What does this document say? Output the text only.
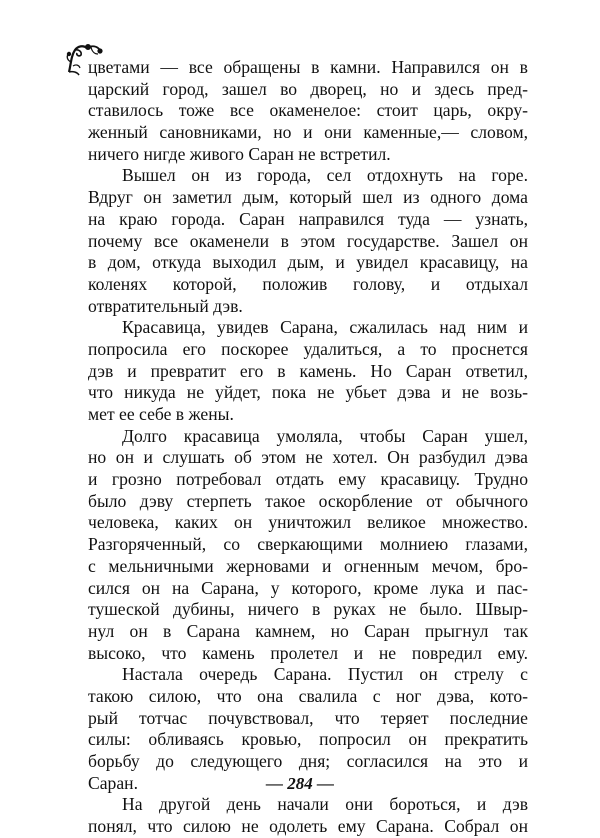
цветами — все обращены в камни. Направился он в
царский город, зашел во дворец, но и здесь пред-
ставилось тоже все окаменелое: стоит царь, окру-
женный сановниками, но и они каменные,— словом,
ничего нигде живого Саран не встретил.
Вышел он из города, сел отдохнуть на горе.
Вдруг он заметил дым, который шел из одного дома
на краю города. Саран направился туда — узнать,
почему все окаменели в этом государстве. Зашел он
в дом, откуда выходил дым, и увидел красавицу, на
коленях которой, положив голову, и отдыхал
отвратительный дэв.
Красавица, увидев Сарана, сжалилась над ним и
попросила его поскорее удалиться, а то проснется
дэв и превратит его в камень. Но Саран ответил,
что никуда не уйдет, пока не убьет дэва и не возь-
мет ее себе в жены.
Долго красавица умоляла, чтобы Саран ушел,
но он и слушать об этом не хотел. Он разбудил дэва
и грозно потребовал отдать ему красавицу. Трудно
было дэву стерпеть такое оскорбление от обычного
человека, каких он уничтожил великое множество.
Разгоряченный, со сверкающими молниею глазами,
с мельничными жерновами и огненным мечом, бро-
сился он на Сарана, у которого, кроме лука и пас-
тушеской дубины, ничего в руках не было. Швыр-
нул он в Сарана камнем, но Саран прыгнул так
высоко, что камень пролетел и не повредил ему.
Настала очередь Сарана. Пустил он стрелу с
такою силою, что она свалила с ног дэва, кото-
рый тотчас почувствовал, что теряет последние
силы: обливаясь кровью, попросил он прекратить
борьбу до следующего дня; согласился на это и
Саран.
На другой день начали они бороться, и дэв
понял, что силою не одолеть ему Сарана. Собрал он
— 284 —
